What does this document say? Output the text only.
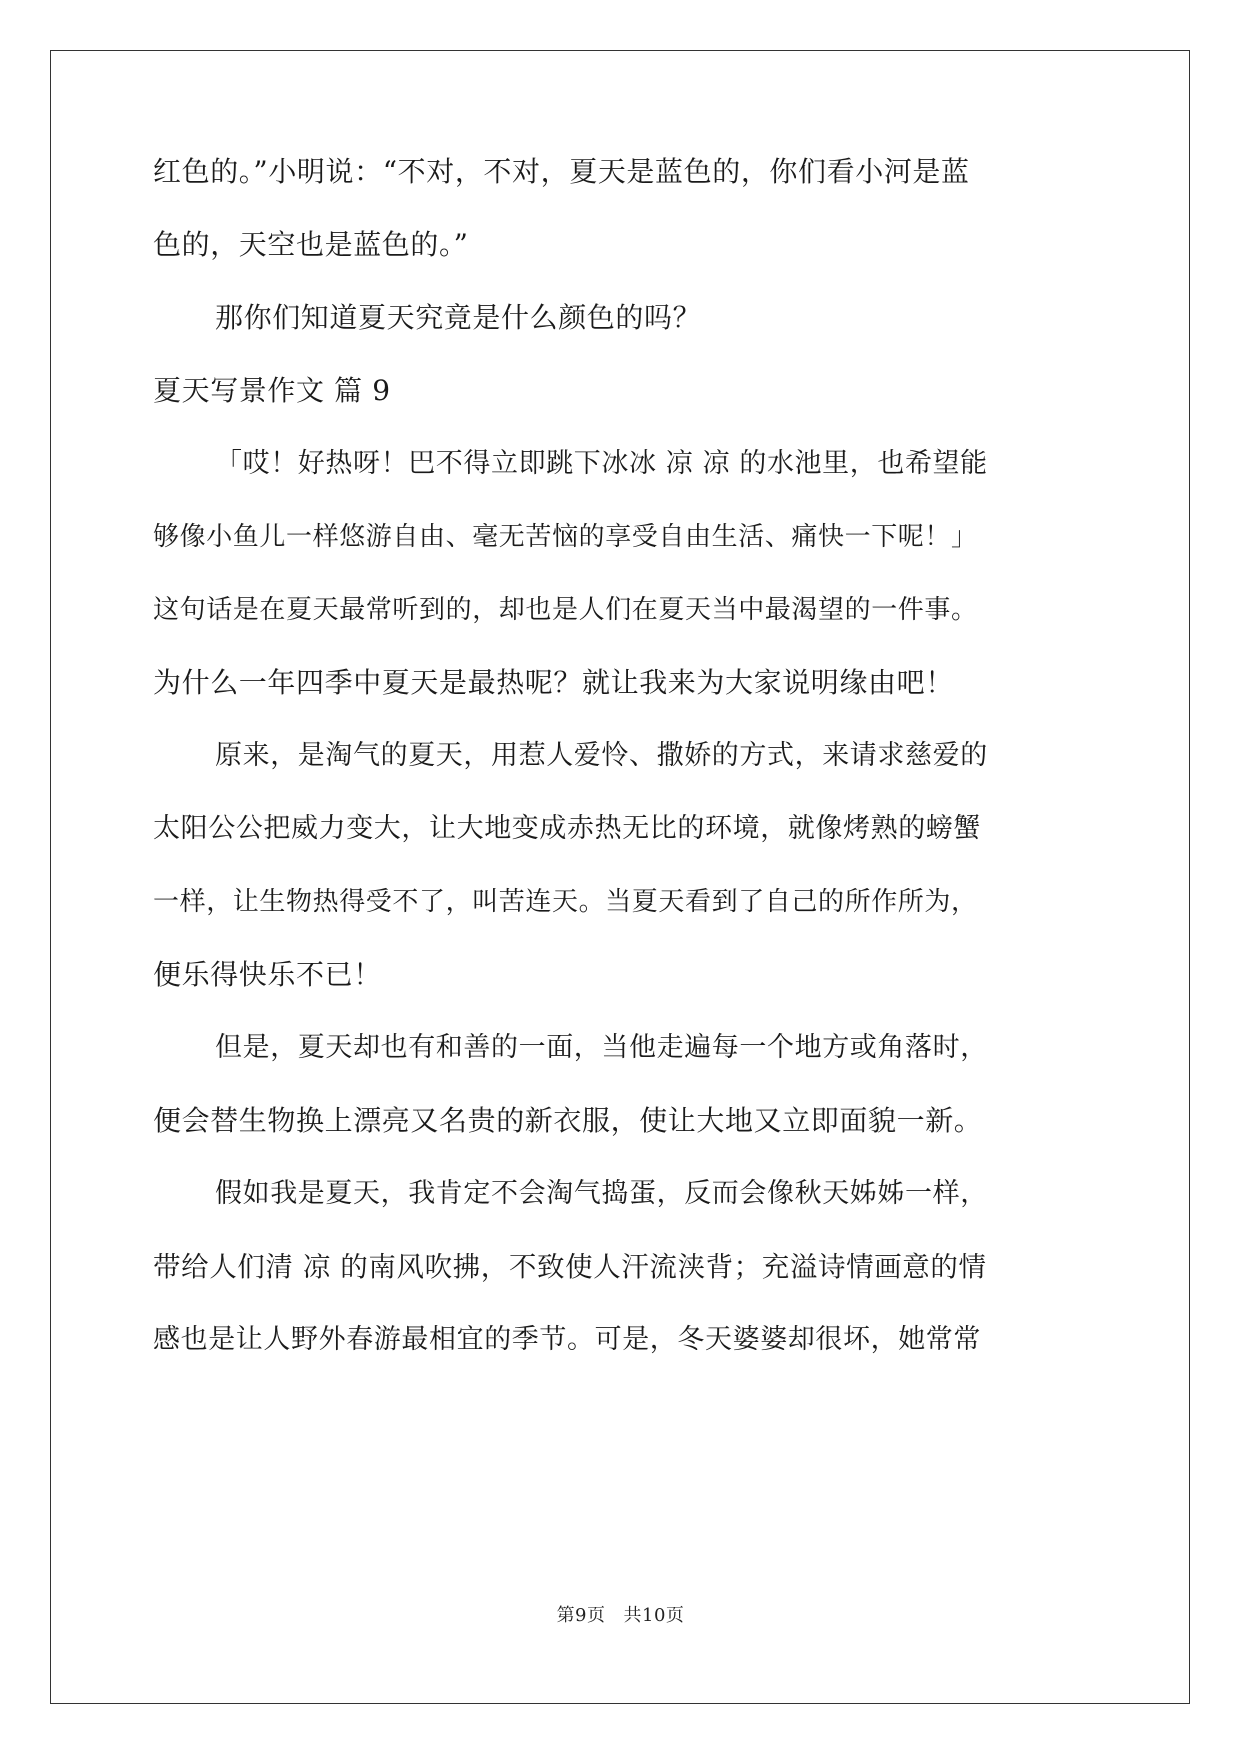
红色的。”小明说：“不对，不对，夏天是蓝色的，你们看小河是蓝
色的，天空也是蓝色的。”
那你们知道夏天究竟是什么颜色的吗？
夏天写景作文 篇 9
「哎！好热呀！巴不得立即跳下冰冰 凉 凉 的水池里，也希望能
够像小鱼儿一样悠游自由、毫无苦恼的享受自由生活、痛快一下呢！」
这句话是在夏天最常听到的，却也是人们在夏天当中最渴望的一件事。
为什么一年四季中夏天是最热呢？就让我来为大家说明缘由吧！
原来，是淘气的夏天，用惹人爱怜、撒娇的方式，来请求慈爱的
太阳公公把威力变大，让大地变成赤热无比的环境，就像烤熟的螃蟹
一样，让生物热得受不了，叫苦连天。当夏天看到了自己的所作所为，
便乐得快乐不已！
但是，夏天却也有和善的一面，当他走遍每一个地方或角落时，
便会替生物换上漂亮又名贵的新衣服，使让大地又立即面貌一新。
假如我是夏天，我肯定不会淘气捣蛋，反而会像秋天姊姊一样，
带给人们清 凉 的南风吹拂，不致使人汗流浃背；充溢诗情画意的情
感也是让人野外春游最相宜的季节。可是，冬天婆婆却很坏，她常常
第9页 共10页
